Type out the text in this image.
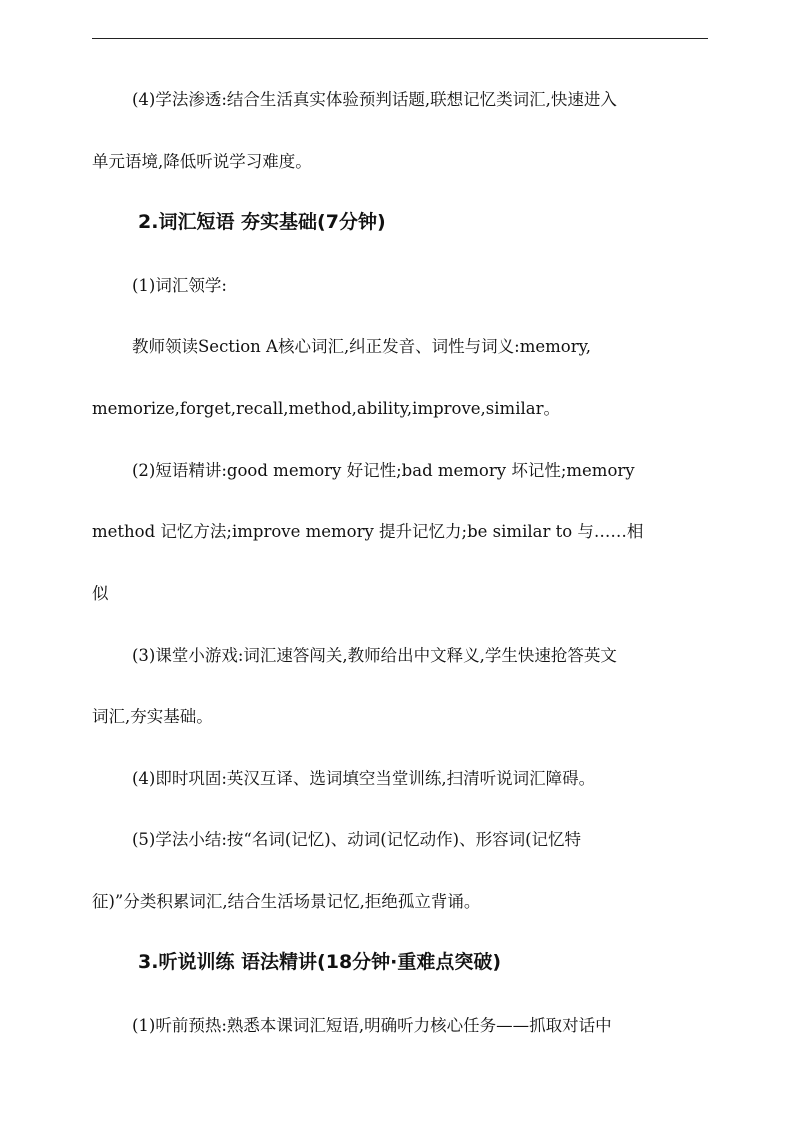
(4)学法渗透:结合生活真实体验预判话题,联想记忆类词汇,快速进入
单元语境,降低听说学习难度。
2.词汇短语 夯实基础(7分钟)
(1)词汇领学:
教师领读Section A核心词汇,纠正发音、词性与词义:memory,
memorize,forget,recall,method,ability,improve,similar。
(2)短语精讲:good memory 好记性;bad memory 坏记性;memory
method 记忆方法;improve memory 提升记忆力;be similar to 与……相
似
(3)课堂小游戏:词汇速答闯关,教师给出中文释义,学生快速抢答英文
词汇,夯实基础。
(4)即时巩固:英汉互译、选词填空当堂训练,扫清听说词汇障碍。
(5)学法小结:按“名词(记忆)、动词(记忆动作)、形容词(记忆特
征)”分类积累词汇,结合生活场景记忆,拒绝孤立背诵。
3.听说训练 语法精讲(18分钟·重难点突破)
(1)听前预热:熟悉本课词汇短语,明确听力核心任务——抓取对话中
